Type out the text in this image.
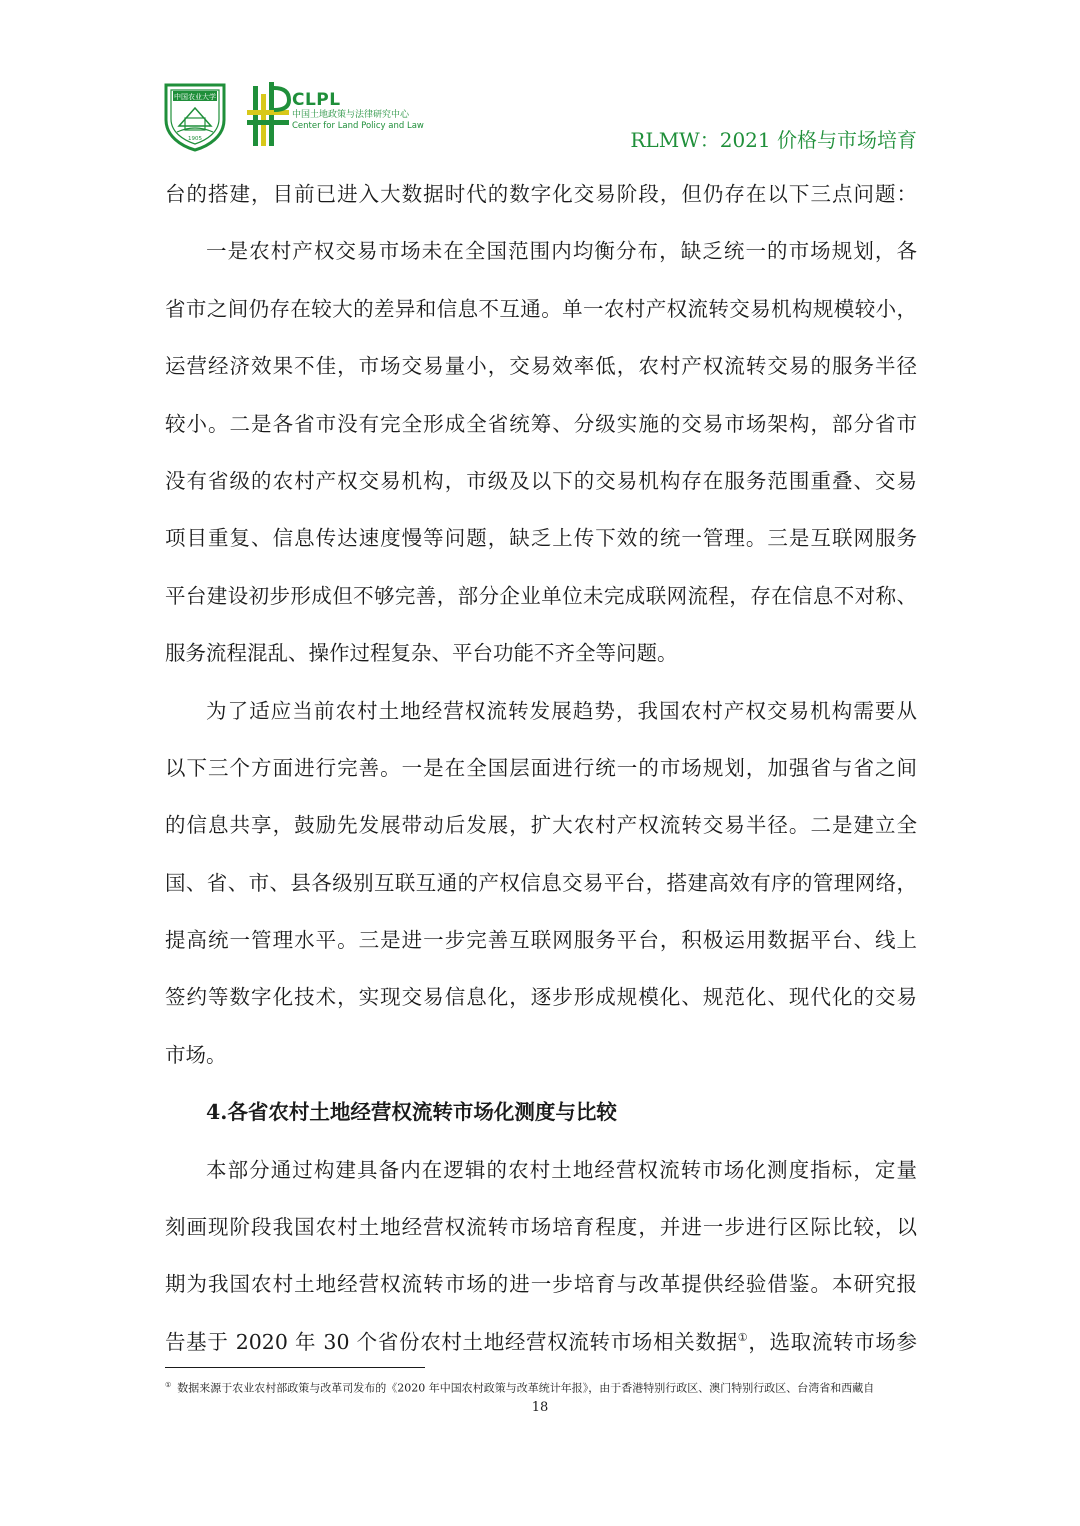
中国农业大学
1905
CLPL
中国土地政策与法律研究中心
Center for Land Policy and Law
RLMW：2021 价格与市场培育
台的搭建，目前已进入大数据时代的数字化交易阶段，但仍存在以下三点问题：
一是农村产权交易市场未在全国范围内均衡分布，缺乏统一的市场规划，各
省市之间仍存在较大的差异和信息不互通。单一农村产权流转交易机构规模较小，
运营经济效果不佳，市场交易量小，交易效率低，农村产权流转交易的服务半径
较小。二是各省市没有完全形成全省统筹、分级实施的交易市场架构，部分省市
没有省级的农村产权交易机构，市级及以下的交易机构存在服务范围重叠、交易
项目重复、信息传达速度慢等问题，缺乏上传下效的统一管理。三是互联网服务
平台建设初步形成但不够完善，部分企业单位未完成联网流程，存在信息不对称、
服务流程混乱、操作过程复杂、平台功能不齐全等问题。
为了适应当前农村土地经营权流转发展趋势，我国农村产权交易机构需要从
以下三个方面进行完善。一是在全国层面进行统一的市场规划，加强省与省之间
的信息共享，鼓励先发展带动后发展，扩大农村产权流转交易半径。二是建立全
国、省、市、县各级别互联互通的产权信息交易平台，搭建高效有序的管理网络，
提高统一管理水平。三是进一步完善互联网服务平台，积极运用数据平台、线上
签约等数字化技术，实现交易信息化，逐步形成规模化、规范化、现代化的交易
市场。
4.各省农村土地经营权流转市场化测度与比较
本部分通过构建具备内在逻辑的农村土地经营权流转市场化测度指标，定量
刻画现阶段我国农村土地经营权流转市场培育程度，并进一步进行区际比较，以
期为我国农村土地经营权流转市场的进一步培育与改革提供经验借鉴。本研究报
告基于 2020 年 30 个省份农村土地经营权流转市场相关数据①，选取流转市场参
① 数据来源于农业农村部政策与改革司发布的《2020 年中国农村政策与改革统计年报》，由于香港特别行政区、澳门特别行政区、台湾省和西藏自
18
